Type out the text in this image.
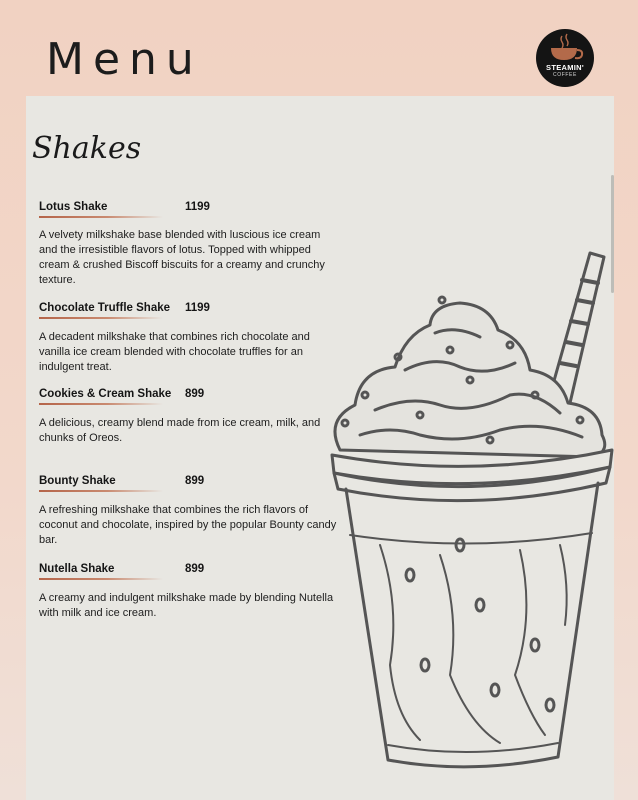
Menu	STEAMIN'
COFFEE
Shakes
Lotus Shake	1199

A velvety milkshake base blended with luscious ice cream and the irresistible flavors of lotus. Topped with whipped cream & crushed Biscoff biscuits for a creamy and crunchy texture.

Chocolate Truffle Shake 1199

A decadent milkshake that combines rich chocolate and vanilla ice cream blended with chocolate truffles for an indulgent treat.

Cookies & Cream Shake 899

A delicious, creamy blend made from ice cream, milk, and chunks of Oreos.

Bounty Shake	899

A refreshing milkshake that combines the rich flavors of coconut and chocolate, inspired by the popular Bounty candy bar.

Nutella Shake	899

A creamy and indulgent milkshake made by blending Nutella with milk and ice cream.
